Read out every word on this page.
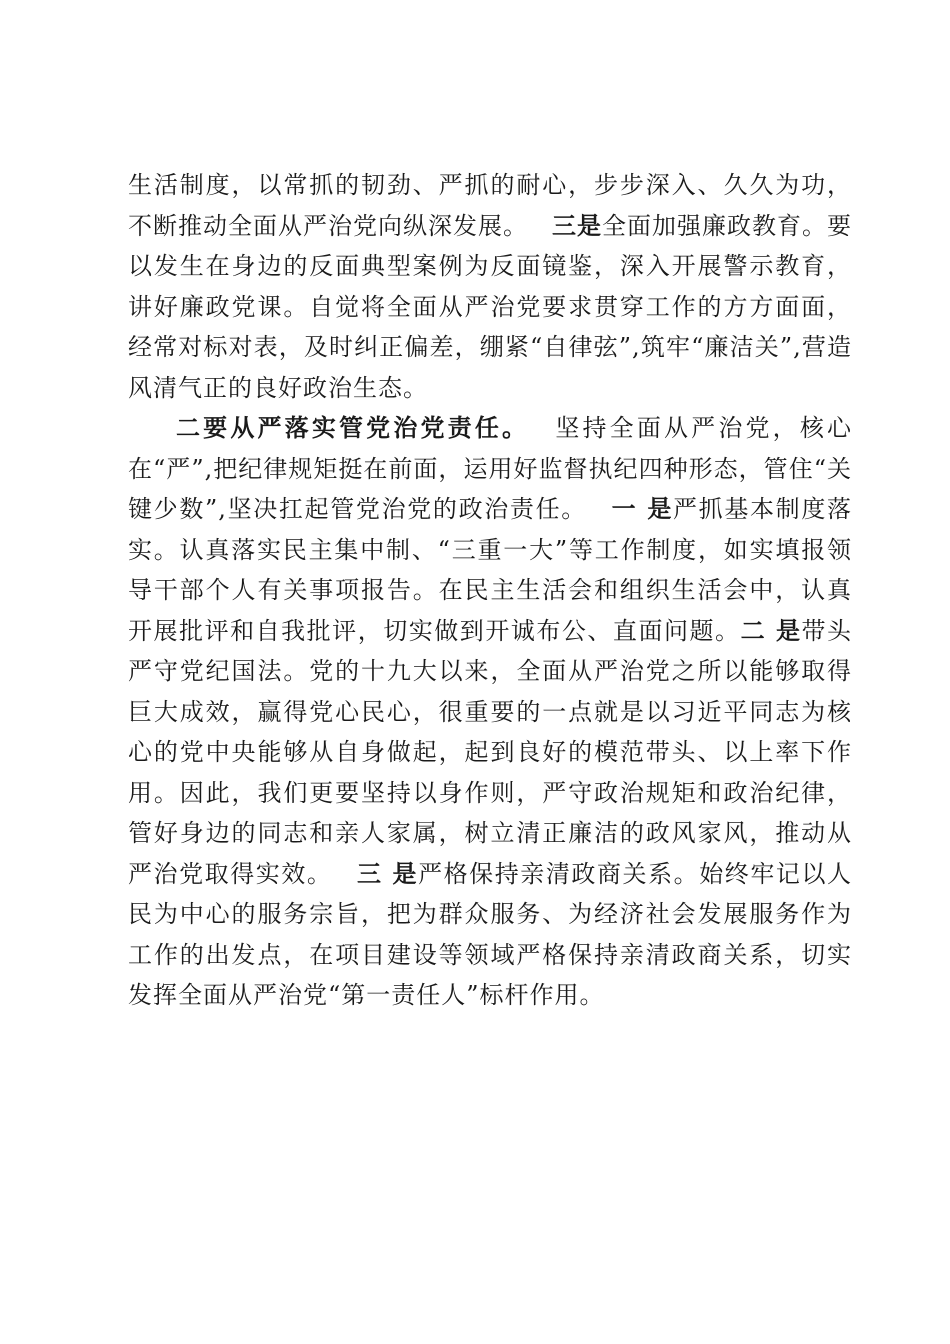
生活制度，以常抓的韧劲、严抓的耐心，步步深入、久久为功，不断推动全面从严治党向纵深发展。 三是全面加强廉政教育。要以发生在身边的反面典型案例为反面镜鉴，深入开展警示教育，讲好廉政党课。自觉将全面从严治党要求贯穿工作的方方面面，经常对标对表，及时纠正偏差，绷紧“自律弦”,筑牢“廉洁关”,营造风清气正的良好政治生态。

二要从严落实管党治党责任。 坚持全面从严治党，核心在“严”,把纪律规矩挺在前面，运用好监督执纪四种形态，管住“关键少数”,坚决扛起管党治党的政治责任。 一 是严抓基本制度落实。认真落实民主集中制、“三重一大”等工作制度，如实填报领导干部个人有关事项报告。在民主生活会和组织生活会中，认真开展批评和自我批评，切实做到开诚布公、直面问题。二 是带头严守党纪国法。党的十九大以来，全面从严治党之所以能够取得巨大成效，赢得党心民心，很重要的一点就是以习近平同志为核心的党中央能够从自身做起，起到良好的模范带头、以上率下作用。因此，我们更要坚持以身作则，严守政治规矩和政治纪律，管好身边的同志和亲人家属，树立清正廉洁的政风家风，推动从严治党取得实效。 三 是严格保持亲清政商关系。始终牢记以人民为中心的服务宗旨，把为群众服务、为经济社会发展服务作为工作的出发点，在项目建设等领域严格保持亲清政商关系，切实发挥全面从严治党“第一责任人”标杆作用。
